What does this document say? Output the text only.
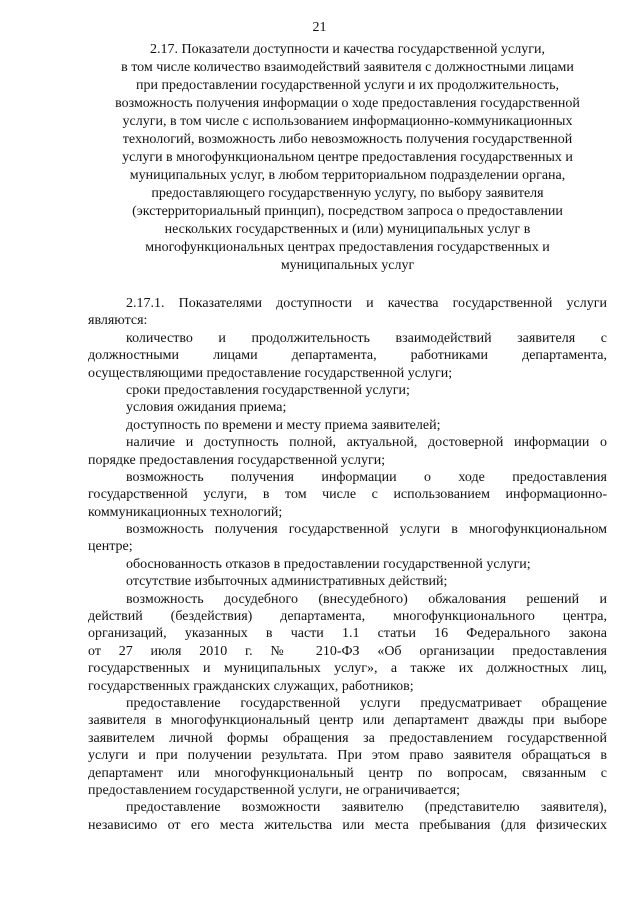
21
2.17. Показатели доступности и качества государственной услуги,
в том числе количество взаимодействий заявителя с должностными лицами
при предоставлении государственной услуги и их продолжительность,
возможность получения информации о ходе предоставления государственной
услуги, в том числе с использованием информационно-коммуникационных
технологий, возможность либо невозможность получения государственной
услуги в многофункциональном центре предоставления государственных и
муниципальных услуг, в любом территориальном подразделении органа,
предоставляющего государственную услугу, по выбору заявителя
(экстерриториальный принцип), посредством запроса о предоставлении
нескольких государственных и (или) муниципальных услуг в
многофункциональных центрах предоставления государственных и
муниципальных услуг
2.17.1. Показателями доступности и качества государственной услуги
являются:
количество и продолжительность взаимодействий заявителя с
должностными лицами департамента, работниками департамента,
осуществляющими предоставление государственной услуги;
сроки предоставления государственной услуги;
условия ожидания приема;
доступность по времени и месту приема заявителей;
наличие и доступность полной, актуальной, достоверной информации о
порядке предоставления государственной услуги;
возможность получения информации о ходе предоставления
государственной услуги, в том числе с использованием информационно-
коммуникационных технологий;
возможность получения государственной услуги в многофункциональном
центре;
обоснованность отказов в предоставлении государственной услуги;
отсутствие избыточных административных действий;
возможность досудебного (внесудебного) обжалования решений и
действий (бездействия) департамента, многофункционального центра,
организаций, указанных в части 1.1 статьи 16 Федерального закона
от 27 июля 2010 г. № 210-ФЗ «Об организации предоставления
государственных и муниципальных услуг», а также их должностных лиц,
государственных гражданских служащих, работников;
предоставление государственной услуги предусматривает обращение
заявителя в многофункциональный центр или департамент дважды при выборе
заявителем личной формы обращения за предоставлением государственной
услуги и при получении результата. При этом право заявителя обращаться в
департамент или многофункциональный центр по вопросам, связанным с
предоставлением государственной услуги, не ограничивается;
предоставление возможности заявителю (представителю заявителя),
независимо от его места жительства или места пребывания (для физических
